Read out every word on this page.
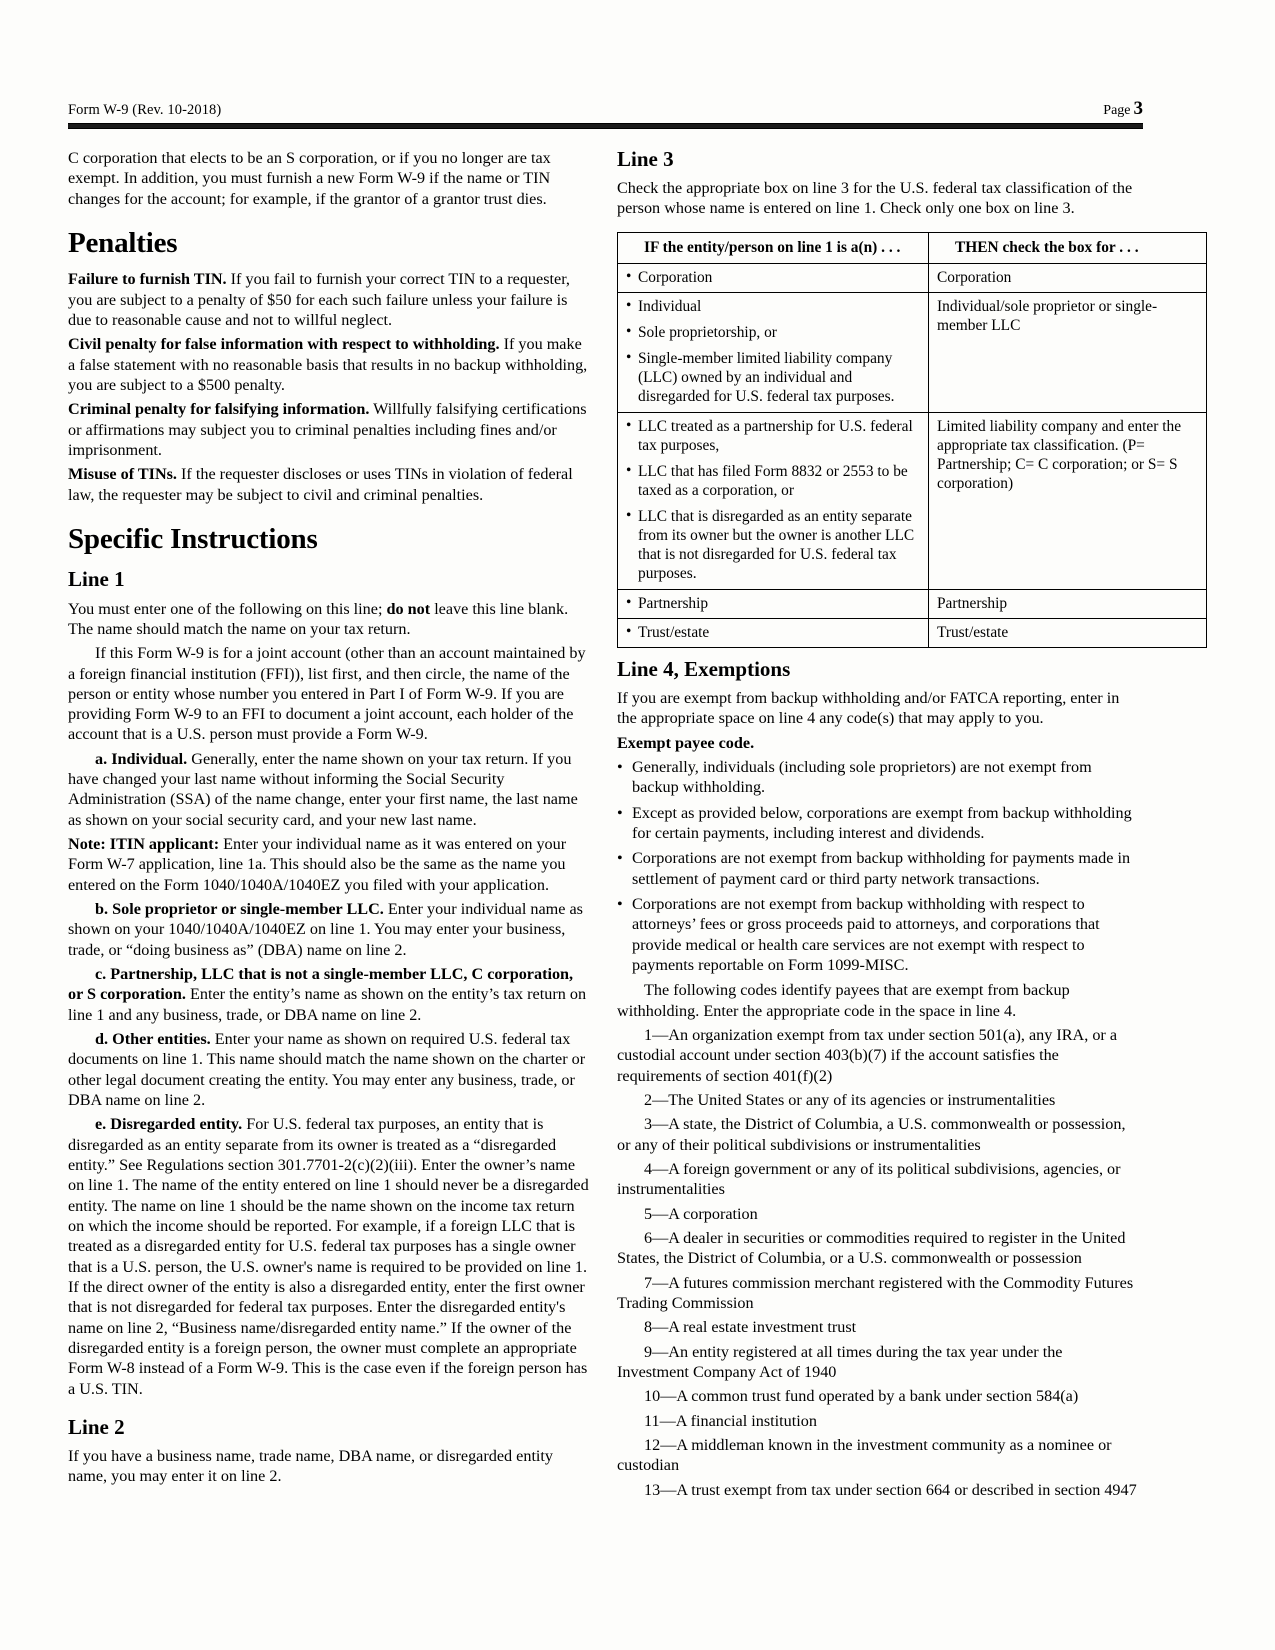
Form W-9 (Rev. 10-2018)	Page 3

C corporation that elects to be an S corporation, or if you no longer are tax exempt. In addition, you must furnish a new Form W-9 if the name or TIN changes for the account; for example, if the grantor of a grantor trust dies.

Penalties

Failure to furnish TIN. If you fail to furnish your correct TIN to a requester, you are subject to a penalty of $50 for each such failure unless your failure is due to reasonable cause and not to willful neglect.

Civil penalty for false information with respect to withholding. If you make a false statement with no reasonable basis that results in no backup withholding, you are subject to a $500 penalty.

Criminal penalty for falsifying information. Willfully falsifying certifications or affirmations may subject you to criminal penalties including fines and/or imprisonment.

Misuse of TINs. If the requester discloses or uses TINs in violation of federal law, the requester may be subject to civil and criminal penalties.

Specific Instructions
Line 1

You must enter one of the following on this line; do not leave this line blank. The name should match the name on your tax return.

If this Form W-9 is for a joint account (other than an account maintained by a foreign financial institution (FFI)), list first, and then circle, the name of the person or entity whose number you entered in Part I of Form W-9. If you are providing Form W-9 to an FFI to document a joint account, each holder of the account that is a U.S. person must provide a Form W-9.

a. Individual. Generally, enter the name shown on your tax return. If you have changed your last name without informing the Social Security Administration (SSA) of the name change, enter your first name, the last name as shown on your social security card, and your new last name.

Note: ITIN applicant: Enter your individual name as it was entered on your Form W-7 application, line 1a. This should also be the same as the name you entered on the Form 1040/1040A/1040EZ you filed with your application.

b. Sole proprietor or single-member LLC. Enter your individual name as shown on your 1040/1040A/1040EZ on line 1. You may enter your business, trade, or “doing business as” (DBA) name on line 2.

c. Partnership, LLC that is not a single-member LLC, C corporation, or S corporation. Enter the entity’s name as shown on the entity’s tax return on line 1 and any business, trade, or DBA name on line 2.

d. Other entities. Enter your name as shown on required U.S. federal tax documents on line 1. This name should match the name shown on the charter or other legal document creating the entity. You may enter any business, trade, or DBA name on line 2.

e. Disregarded entity. For U.S. federal tax purposes, an entity that is disregarded as an entity separate from its owner is treated as a “disregarded entity.” See Regulations section 301.7701-2(c)(2)(iii). Enter the owner’s name on line 1. The name of the entity entered on line 1 should never be a disregarded entity. The name on line 1 should be the name shown on the income tax return on which the income should be reported. For example, if a foreign LLC that is treated as a disregarded entity for U.S. federal tax purposes has a single owner that is a U.S. person, the U.S. owner's name is required to be provided on line 1. If the direct owner of the entity is also a disregarded entity, enter the first owner that is not disregarded for federal tax purposes. Enter the disregarded entity's name on line 2, “Business name/disregarded entity name.” If the owner of the disregarded entity is a foreign person, the owner must complete an appropriate Form W-8 instead of a Form W-9. This is the case even if the foreign person has a U.S. TIN.

Line 2

If you have a business name, trade name, DBA name, or disregarded entity name, you may enter it on line 2.

Line 3

Check the appropriate box on line 3 for the U.S. federal tax classification of the person whose name is entered on line 1. Check only one box on line 3.

IF the entity/person on line 1 is a(n) . . .	THEN check the box for . . .

• Corporation	Corporation

• Individual
• Sole proprietorship, or
• Single-member limited liability company (LLC) owned by an individual and disregarded for U.S. federal tax purposes.
	Individual/sole proprietor or single-member LLC

• LLC treated as a partnership for U.S. federal tax purposes,
• LLC that has filed Form 8832 or 2553 to be taxed as a corporation, or
• LLC that is disregarded as an entity separate from its owner but the owner is another LLC that is not disregarded for U.S. federal tax purposes.
	Limited liability company and enter the appropriate tax classification. (P= Partnership; C= C corporation; or S= S corporation)

• Partnership	Partnership

• Trust/estate	Trust/estate
Line 4, Exemptions

If you are exempt from backup withholding and/or FATCA reporting, enter in the appropriate space on line 4 any code(s) that may apply to you.

Exempt payee code.

• Generally, individuals (including sole proprietors) are not exempt from backup withholding.

• Except as provided below, corporations are exempt from backup withholding for certain payments, including interest and dividends.

• Corporations are not exempt from backup withholding for payments made in settlement of payment card or third party network transactions.

• Corporations are not exempt from backup withholding with respect to attorneys’ fees or gross proceeds paid to attorneys, and corporations that provide medical or health care services are not exempt with respect to payments reportable on Form 1099-MISC.

The following codes identify payees that are exempt from backup withholding. Enter the appropriate code in the space in line 4.

1—An organization exempt from tax under section 501(a), any IRA, or a custodial account under section 403(b)(7) if the account satisfies the requirements of section 401(f)(2)

2—The United States or any of its agencies or instrumentalities

3—A state, the District of Columbia, a U.S. commonwealth or possession, or any of their political subdivisions or instrumentalities

4—A foreign government or any of its political subdivisions, agencies, or instrumentalities

5—A corporation

6—A dealer in securities or commodities required to register in the United States, the District of Columbia, or a U.S. commonwealth or possession

7—A futures commission merchant registered with the Commodity Futures Trading Commission

8—A real estate investment trust

9—An entity registered at all times during the tax year under the Investment Company Act of 1940

10—A common trust fund operated by a bank under section 584(a)

11—A financial institution

12—A middleman known in the investment community as a nominee or custodian

13—A trust exempt from tax under section 664 or described in section 4947
